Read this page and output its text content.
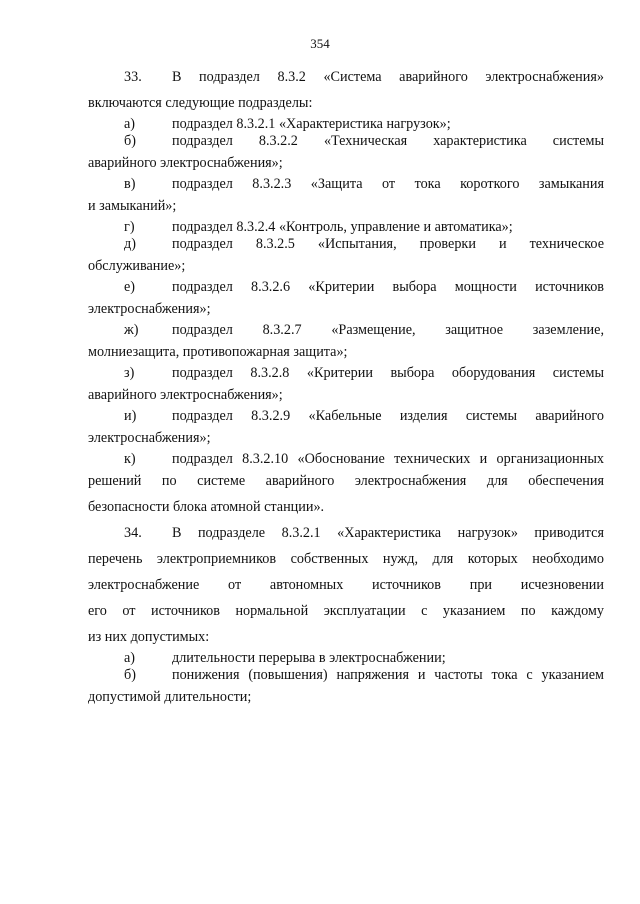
354

33. В подраздел 8.3.2 «Система аварийного электроснабжения»

включаются следующие подразделы:

а)	подраздел 8.3.2.1 «Характеристика нагрузок»;
б)	подраздел 8.3.2.2 «Техническая характеристика системы

аварийного электроснабжения»;

в)	подраздел 8.3.2.3 «Защита от тока короткого замыкания

и замыканий»;

г)	подраздел 8.3.2.4 «Контроль, управление и автоматика»;
д)	подраздел 8.3.2.5 «Испытания, проверки и техническое

обслуживание»;

е)	подраздел 8.3.2.6 «Критерии выбора мощности источников

электроснабжения»;

ж)	подраздел 8.3.2.7 «Размещение, защитное заземление,

молниезащита, противопожарная защита»;

з)	подраздел 8.3.2.8 «Критерии выбора оборудования системы

аварийного электроснабжения»;

и)	подраздел 8.3.2.9 «Кабельные изделия системы аварийного

электроснабжения»;

к)	подраздел 8.3.2.10 «Обоснование технических и организационных

решений по системе аварийного электроснабжения для обеспечения

безопасности блока атомной станции».

34. В подразделе 8.3.2.1 «Характеристика нагрузок» приводится

перечень электроприемников собственных нужд, для которых необходимо

электроснабжение от автономных источников при исчезновении

его от источников нормальной эксплуатации с указанием по каждому

из них допустимых:

а)	длительности перерыва в электроснабжении;
б)	понижения (повышения) напряжения и частоты тока с указанием

допустимой длительности;
